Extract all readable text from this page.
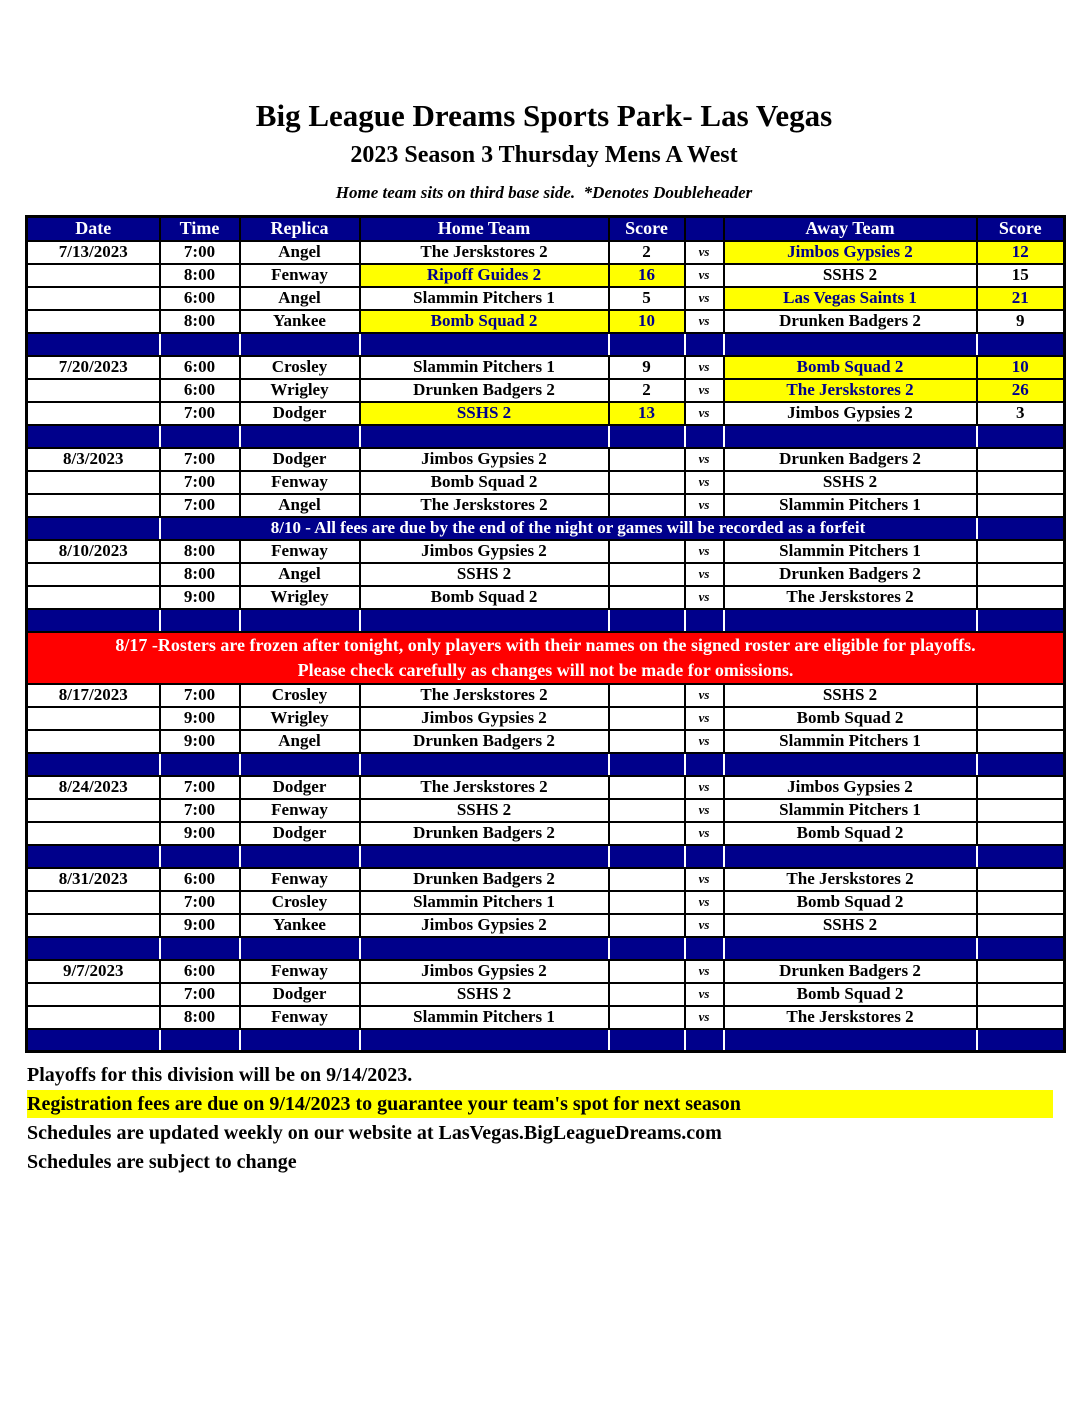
Big League Dreams Sports Park- Las Vegas
2023 Season 3 Thursday Mens A West
Home team sits on third base side.  *Denotes Doubleheader
Date	Time	Replica	Home Team	Score		Away Team	Score
7/13/2023	7:00	Angel	The Jerskstores 2	2	vs	Jimbos Gypsies 2	12
	8:00	Fenway	Ripoff Guides 2	16	vs	SSHS 2	15
	6:00	Angel	Slammin Pitchers 1	5	vs	Las Vegas Saints 1	21
	8:00	Yankee	Bomb Squad 2	10	vs	Drunken Badgers 2	9

7/20/2023	6:00	Crosley	Slammin Pitchers 1	9	vs	Bomb Squad 2	10
	6:00	Wrigley	Drunken Badgers 2	2	vs	The Jerskstores 2	26
	7:00	Dodger	SSHS 2	13	vs	Jimbos Gypsies 2	3

8/3/2023	7:00	Dodger	Jimbos Gypsies 2		vs	Drunken Badgers 2	
	7:00	Fenway	Bomb Squad 2		vs	SSHS 2	
	7:00	Angel	The Jerskstores 2		vs	Slammin Pitchers 1	
	8/10 - All fees are due by the end of the night or games will be recorded as a forfeit						
8/10/2023	8:00	Fenway	Jimbos Gypsies 2		vs	Slammin Pitchers 1	
	8:00	Angel	SSHS 2		vs	Drunken Badgers 2	
	9:00	Wrigley	Bomb Squad 2		vs	The Jerskstores 2	

8/17 -Rosters are frozen after tonight, only players with their names on the signed roster are eligible for playoffs.
Please check carefully as changes will not be made for omissions.							

8/17/2023	7:00	Crosley	The Jerskstores 2		vs	SSHS 2	
	9:00	Wrigley	Jimbos Gypsies 2		vs	Bomb Squad 2	
	9:00	Angel	Drunken Badgers 2		vs	Slammin Pitchers 1	

8/24/2023	7:00	Dodger	The Jerskstores 2		vs	Jimbos Gypsies 2	
	7:00	Fenway	SSHS 2		vs	Slammin Pitchers 1	
	9:00	Dodger	Drunken Badgers 2		vs	Bomb Squad 2	

8/31/2023	6:00	Fenway	Drunken Badgers 2		vs	The Jerskstores 2	
	7:00	Crosley	Slammin Pitchers 1		vs	Bomb Squad 2	
	9:00	Yankee	Jimbos Gypsies 2		vs	SSHS 2	

9/7/2023	6:00	Fenway	Jimbos Gypsies 2		vs	Drunken Badgers 2	
	7:00	Dodger	SSHS 2		vs	Bomb Squad 2	
	8:00	Fenway	Slammin Pitchers 1		vs	The Jerskstores 2	

Playoffs for this division will be on 9/14/2023.
Registration fees are due on 9/14/2023 to guarantee your team's spot for next season
Schedules are updated weekly on our website at LasVegas.BigLeagueDreams.com
Schedules are subject to change
